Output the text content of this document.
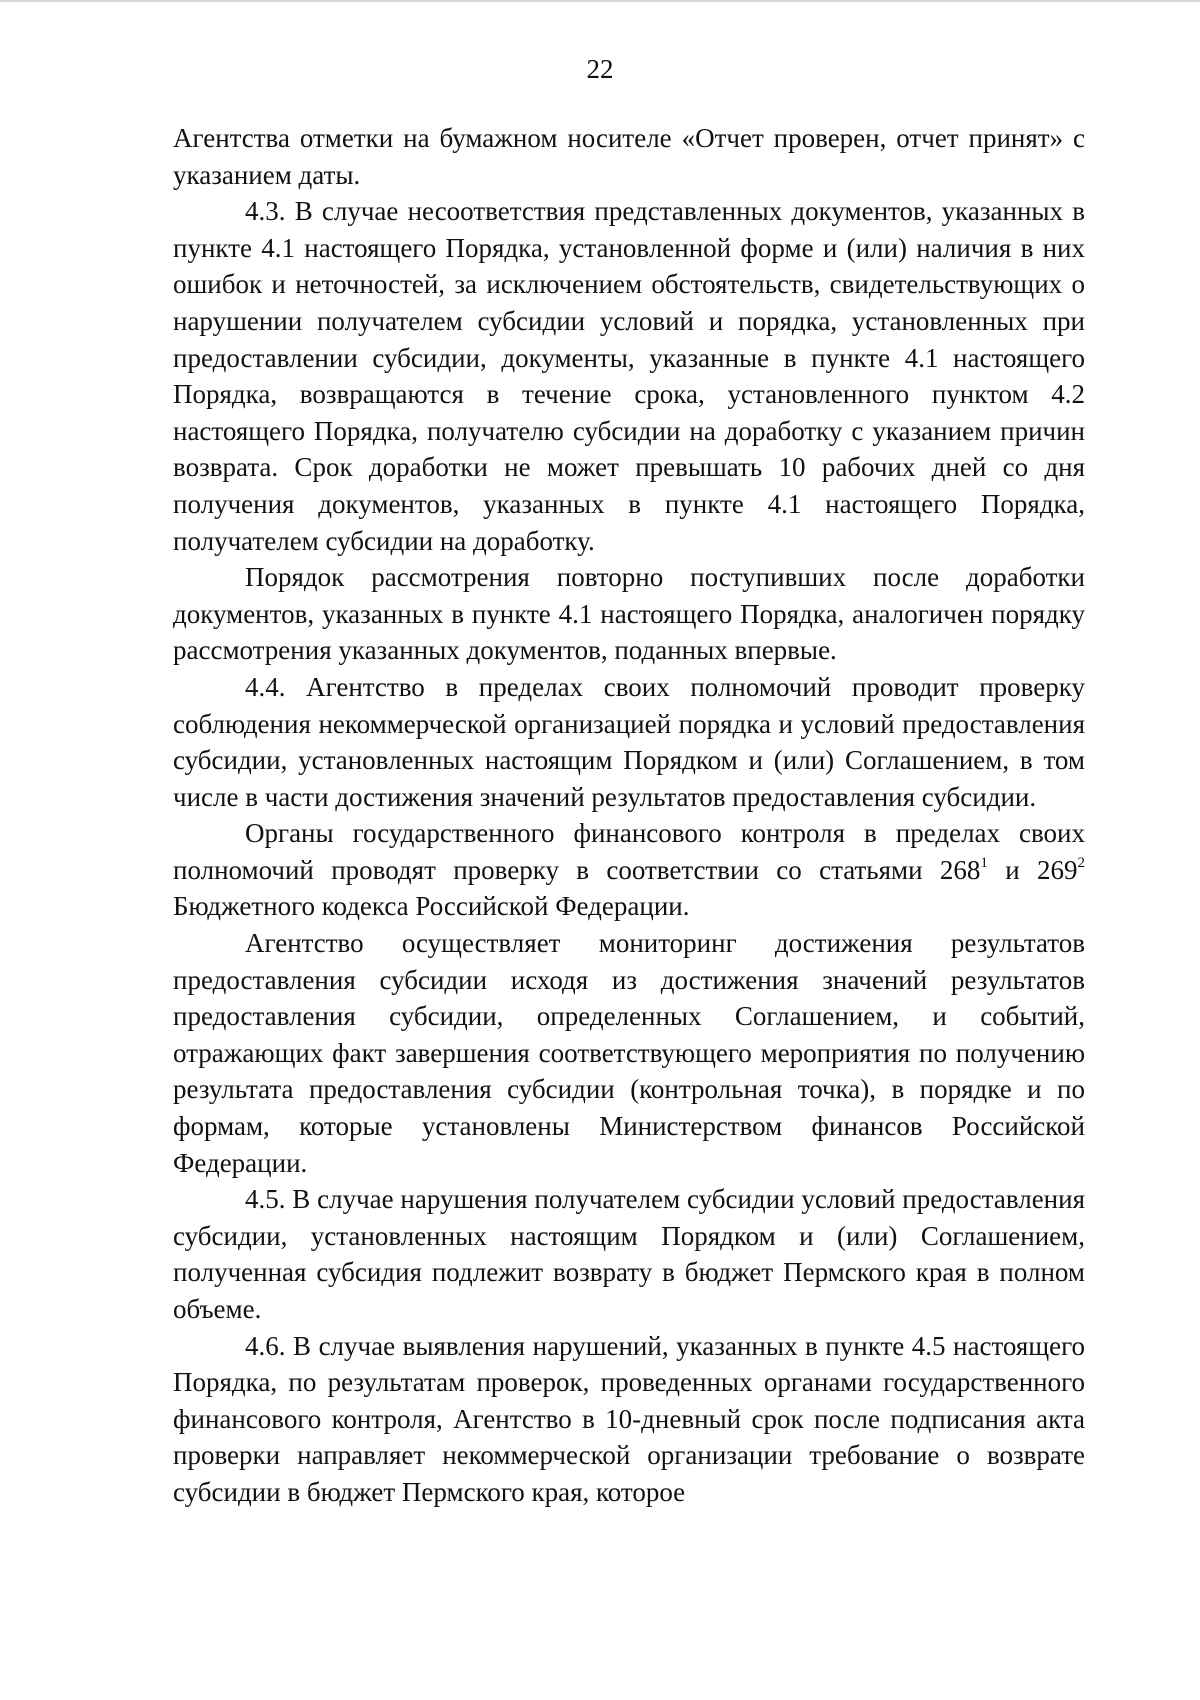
22

Агентства отметки на бумажном носителе «Отчет проверен, отчет принят» с указанием даты.

4.3. В случае несоответствия представленных документов, указанных в пункте 4.1 настоящего Порядка, установленной форме и (или) наличия в них ошибок и неточностей, за исключением обстоятельств, свидетельствующих о нарушении получателем субсидии условий и порядка, установленных при предоставлении субсидии, документы, указанные в пункте 4.1 настоящего Порядка, возвращаются в течение срока, установленного пунктом 4.2 настоящего Порядка, получателю субсидии на доработку с указанием причин возврата. Срок доработки не может превышать 10 рабочих дней со дня получения документов, указанных в пункте 4.1 настоящего Порядка, получателем субсидии на доработку.

Порядок рассмотрения повторно поступивших после доработки документов, указанных в пункте 4.1 настоящего Порядка, аналогичен порядку рассмотрения указанных документов, поданных впервые.

4.4. Агентство в пределах своих полномочий проводит проверку соблюдения некоммерческой организацией порядка и условий предоставления субсидии, установленных настоящим Порядком и (или) Соглашением, в том числе в части достижения значений результатов предоставления субсидии.

Органы государственного финансового контроля в пределах своих полномочий проводят проверку в соответствии со статьями $268^1$ и $269^2$ Бюджетного кодекса Российской Федерации.

Агентство осуществляет мониторинг достижения результатов предоставления субсидии исходя из достижения значений результатов предоставления субсидии, определенных Соглашением, и событий, отражающих факт завершения соответствующего мероприятия по получению результата предоставления субсидии (контрольная точка), в порядке и по формам, которые установлены Министерством финансов Российской Федерации.

4.5. В случае нарушения получателем субсидии условий предоставления субсидии, установленных настоящим Порядком и (или) Соглашением, полученная субсидия подлежит возврату в бюджет Пермского края в полном объеме.

4.6. В случае выявления нарушений, указанных в пункте 4.5 настоящего Порядка, по результатам проверок, проведенных органами государственного финансового контроля, Агентство в 10-дневный срок после подписания акта проверки направляет некоммерческой организации требование о возврате субсидии в бюджет Пермского края, которое
